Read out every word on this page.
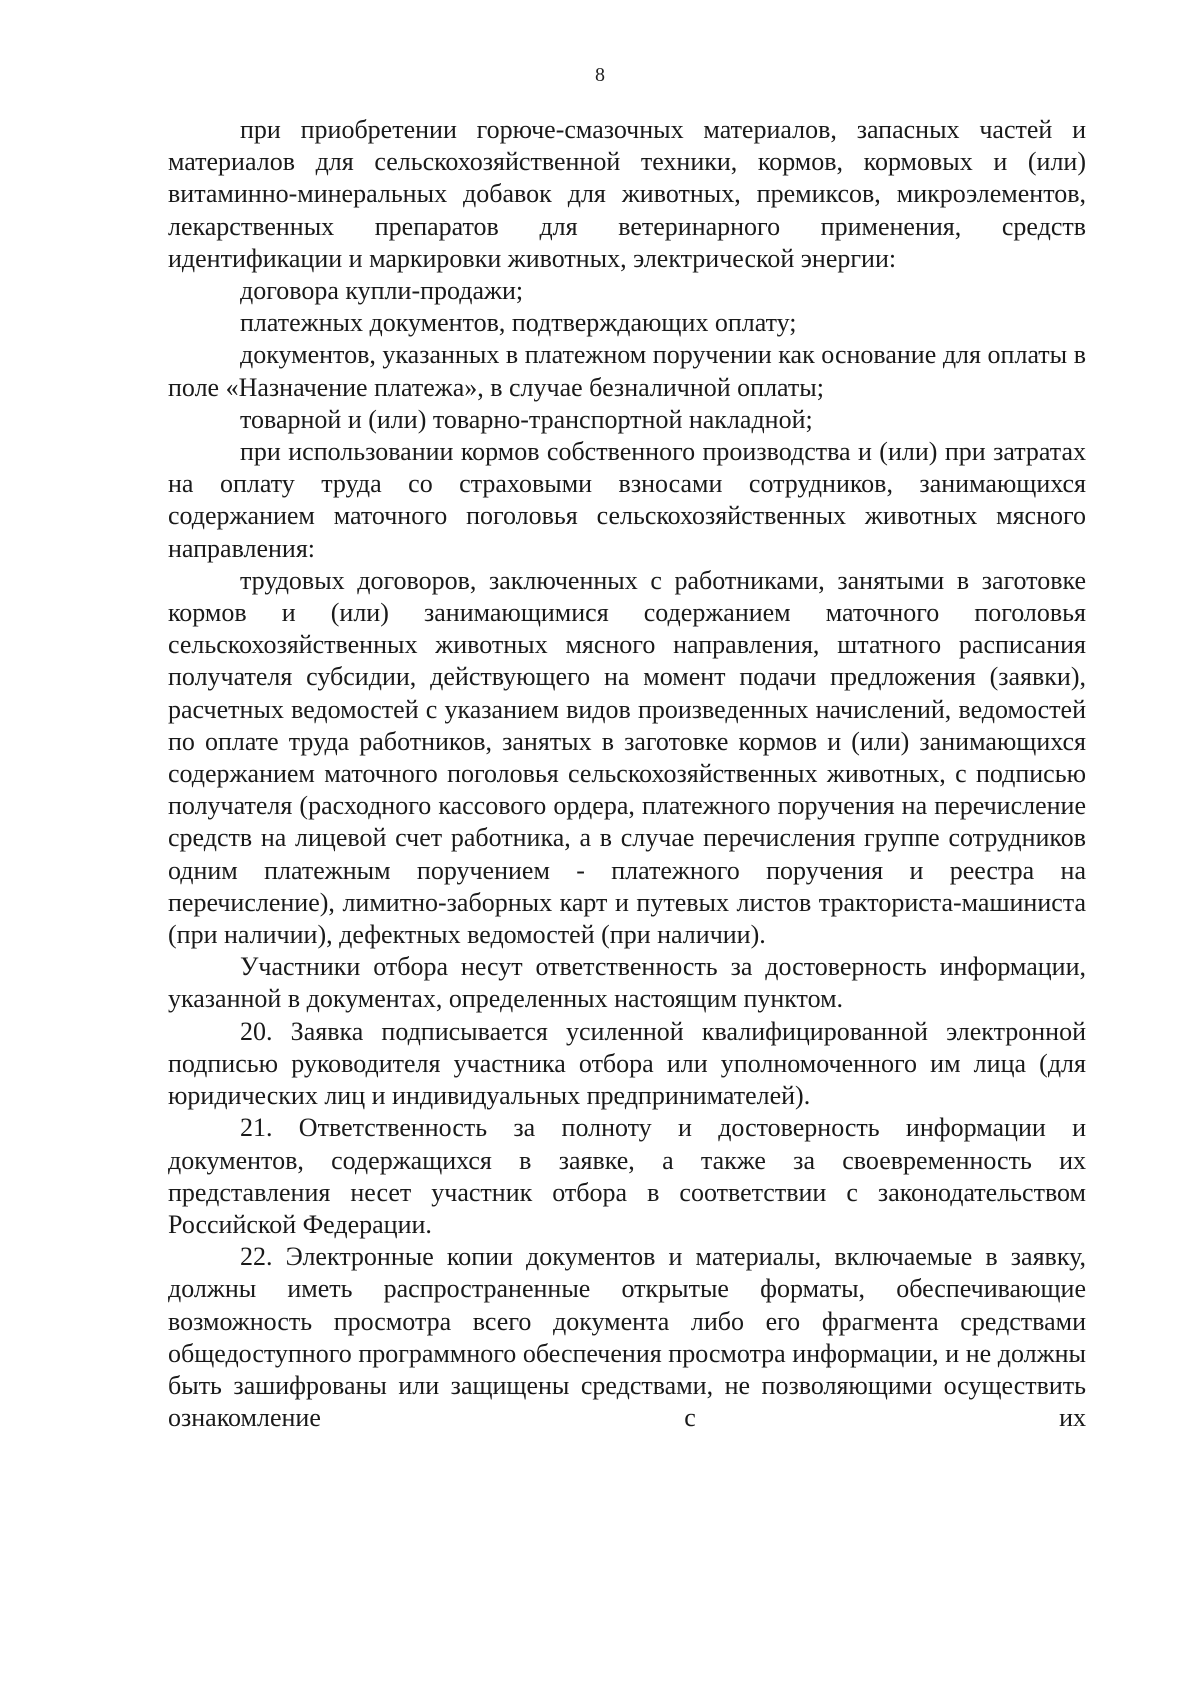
8

при приобретении горюче-смазочных материалов, запасных частей и материалов для сельскохозяйственной техники, кормов, кормовых и (или) витаминно-минеральных добавок для животных, премиксов, микроэлементов, лекарственных препаратов для ветеринарного применения, средств идентификации и маркировки животных, электрической энергии:

договора купли-продажи;

платежных документов, подтверждающих оплату;

документов, указанных в платежном поручении как основание для оплаты в поле «Назначение платежа», в случае безналичной оплаты;

товарной и (или) товарно-транспортной накладной;

при использовании кормов собственного производства и (или) при затратах на оплату труда со страховыми взносами сотрудников, занимающихся содержанием маточного поголовья сельскохозяйственных животных мясного направления:

трудовых договоров, заключенных с работниками, занятыми в заготовке кормов и (или) занимающимися содержанием маточного поголовья сельскохозяйственных животных мясного направления, штатного расписания получателя субсидии, действующего на момент подачи предложения (заявки), расчетных ведомостей с указанием видов произведенных начислений, ведомостей по оплате труда работников, занятых в заготовке кормов и (или) занимающихся содержанием маточного поголовья сельскохозяйственных животных, с подписью получателя (расходного кассового ордера, платежного поручения на перечисление средств на лицевой счет работника, а в случае перечисления группе сотрудников одним платежным поручением - платежного поручения и реестра на перечисление), лимитно-заборных карт и путевых листов тракториста-машиниста (при наличии), дефектных ведомостей (при наличии).

Участники отбора несут ответственность за достоверность информации, указанной в документах, определенных настоящим пунктом.

20. Заявка подписывается усиленной квалифицированной электронной подписью руководителя участника отбора или уполномоченного им лица (для юридических лиц и индивидуальных предпринимателей).

21. Ответственность за полноту и достоверность информации и документов, содержащихся в заявке, а также за своевременность их представления несет участник отбора в соответствии с законодательством Российской Федерации.

22. Электронные копии документов и материалы, включаемые в заявку, должны иметь распространенные открытые форматы, обеспечивающие возможность просмотра всего документа либо его фрагмента средствами общедоступного программного обеспечения просмотра информации, и не должны быть зашифрованы или защищены средствами, не позволяющими осуществить ознакомление с их
